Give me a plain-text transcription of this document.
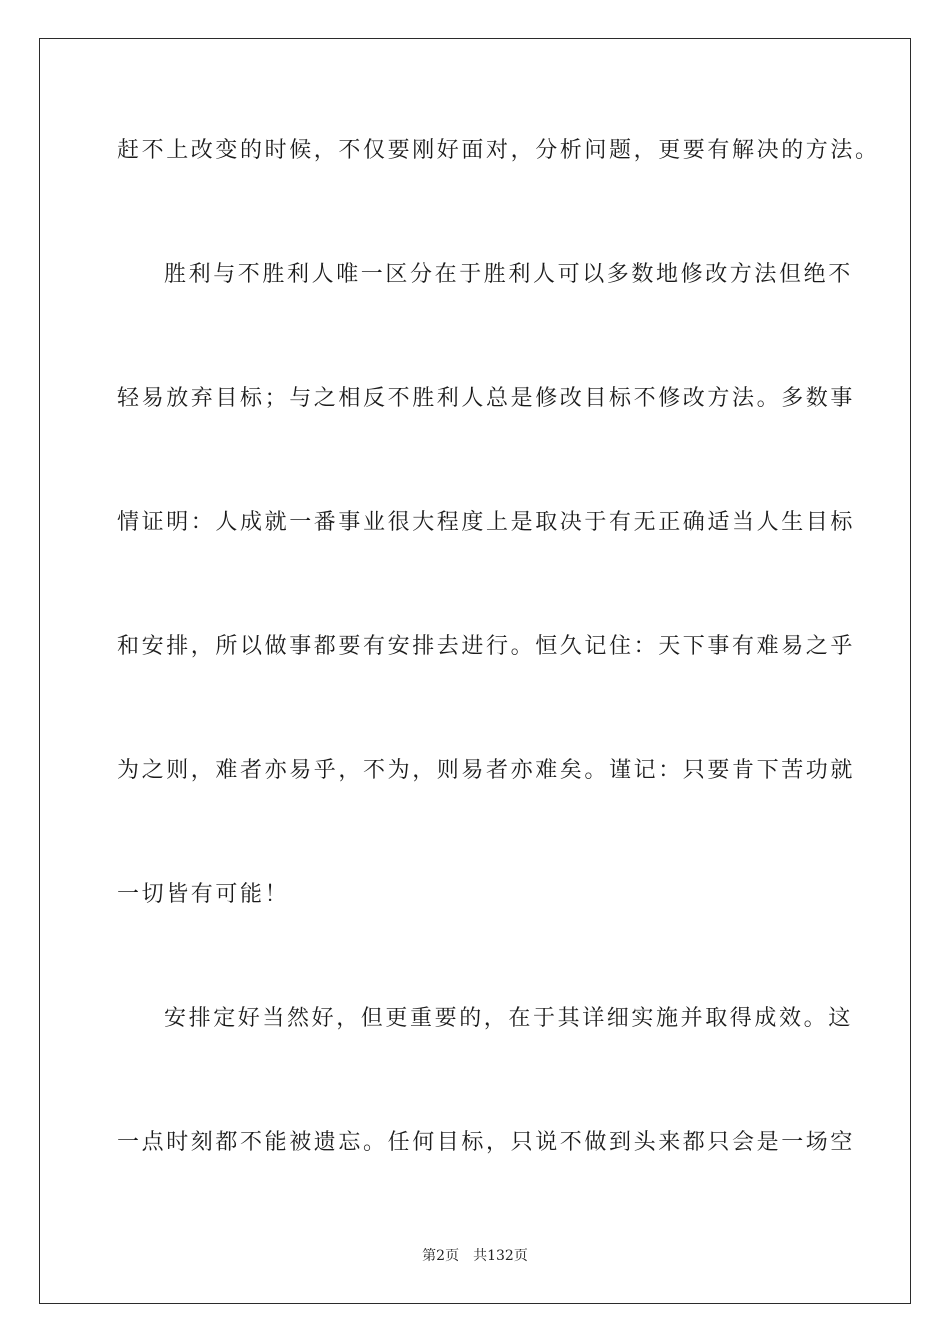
赶不上改变的时候，不仅要刚好面对，分析问题，更要有解决的方法。
胜利与不胜利人唯一区分在于胜利人可以多数地修改方法但绝不
轻易放弃目标；与之相反不胜利人总是修改目标不修改方法。多数事
情证明：人成就一番事业很大程度上是取决于有无正确适当人生目标
和安排，所以做事都要有安排去进行。恒久记住：天下事有难易之乎
为之则，难者亦易乎，不为，则易者亦难矣。谨记：只要肯下苦功就
一切皆有可能！
安排定好当然好，但更重要的，在于其详细实施并取得成效。这
一点时刻都不能被遗忘。任何目标，只说不做到头来都只会是一场空
第2页 共132页
